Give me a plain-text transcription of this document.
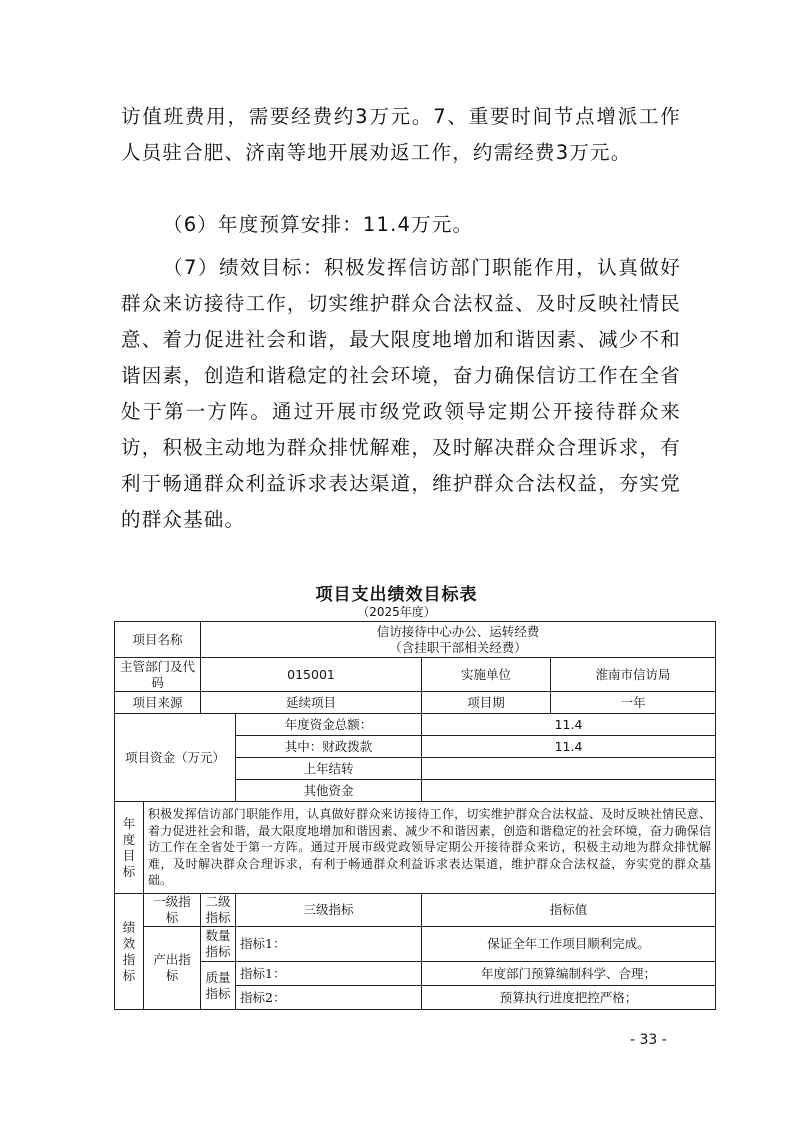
访值班费用，需要经费约3万元。7、重要时间节点增派工作人员驻合肥、济南等地开展劝返工作，约需经费3万元。

（6）年度预算安排：11.4万元。

（7）绩效目标：积极发挥信访部门职能作用，认真做好群众来访接待工作，切实维护群众合法权益、及时反映社情民意、着力促进社会和谐，最大限度地增加和谐因素、减少不和谐因素，创造和谐稳定的社会环境，奋力确保信访工作在全省处于第一方阵。通过开展市级党政领导定期公开接待群众来访，积极主动地为群众排忧解难，及时解决群众合理诉求，有利于畅通群众利益诉求表达渠道，维护群众合法权益，夯实党的群众基础。

项目支出绩效目标表
（2025年度）
项目名称		信访接待中心办公、运转经费
（含挂职干部相关经费）			

主管部门及代码		015001		实施单位	淮南市信访局
项目来源		延续项目		项目期	一年
项目资金（万元）			年度资金总额：	11.4	
			其中：财政拨款	11.4	
			上年结转		
			其他资金		
年度目标	积极发挥信访部门职能作用，认真做好群众来访接待工作，切实维护群众合法权益、及时反映社情民意、着力促进社会和谐，最大限度地增加和谐因素、减少不和谐因素，创造和谐稳定的社会环境，奋力确保信访工作在全省处于第一方阵。通过开展市级党政领导定期公开接待群众来访，积极主动地为群众排忧解难，及时解决群众合理诉求，有利于畅通群众利益诉求表达渠道，维护群众合法权益，夯实党的群众基础。				
绩效指标	一级指标	二级指标	三级指标	指标值	
	产出指标	数量指标	指标1：	保证全年工作项目顺利完成。	
		质量指标	指标1：	年度部门预算编制科学、合理；	
			指标2：	预算执行进度把控严格；	
- 33 -
